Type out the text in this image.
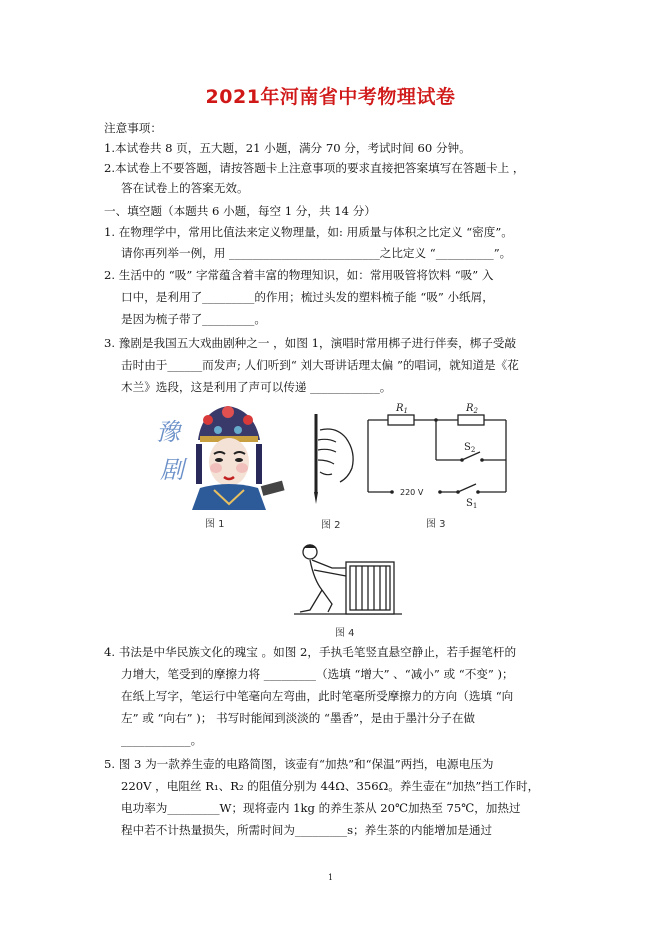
2021年河南省中考物理试卷
注意事项：
1.本试卷共 8 页，五大题，21 小题，满分 70 分，考试时间 60 分钟。
2.本试卷上不要答题，请按答题卡上注意事项的要求直接把答案填写在答题卡上 ，
答在试卷上的答案无效。
一、填空题（本题共 6 小题，每空 1 分，共 14 分）
1. 在物理学中，常用比值法来定义物理量，如: 用质量与体积之比定义 “密度”。
请你再列举一例，用 __________________________之比定义 “__________”。
2. 生活中的 “吸” 字常蕴含着丰富的物理知识，如：常用吸管将饮料 “吸” 入
口中，是利用了_________的作用；梳过头发的塑料梳子能 “吸” 小纸屑，
是因为梳子带了_________。
3. 豫剧是我国五大戏曲剧种之一 ，如图 1，演唱时常用梆子进行伴奏，梆子受敲
击时由于______而发声; 人们听到“ 刘大哥讲话理太偏 ”的唱词，就知道是《花
木兰》选段，这是利用了声可以传递 ____________。
豫
剧
图 1	图 2
$R_1$	$R_2$
$S_2$
$S_1$
220 V
图 3
图 4
4. 书法是中华民族文化的瑰宝 。如图 2，手执毛笔竖直悬空静止，若手握笔杆的
力增大，笔受到的摩擦力将 _________（选填 “增大” 、“减小” 或 “不变” )；
在纸上写字，笔运行中笔毫向左弯曲，此时笔毫所受摩擦力的方向（选填 “向
左” 或 “向右” )； 书写时能闻到淡淡的 “墨香”，是由于墨汁分子在做
____________。
5. 图 3 为一款养生壶的电路简图，该壶有“加热”和“保温”两挡，电源电压为
220V ，电阻丝 R₁、R₂ 的阻值分别为 44Ω、356Ω。养生壶在“加热”挡工作时，
电功率为_________W；现将壶内 1kg 的养生茶从 20℃加热至 75℃，加热过
程中若不计热量损失，所需时间为_________s；养生茶的内能增加是通过
1
